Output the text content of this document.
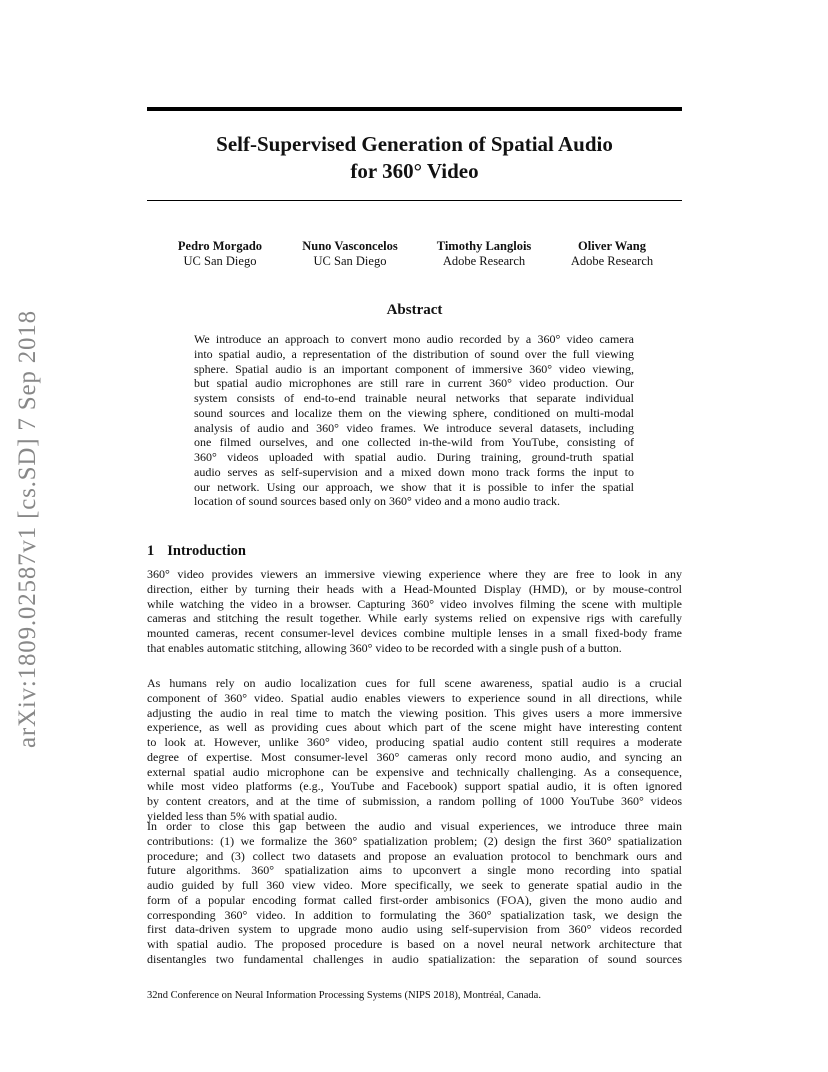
arXiv:1809.02587v1 [cs.SD] 7 Sep 2018
Self-Supervised Generation of Spatial Audio
for 360° Video
Pedro Morgado
UC San Diego
Nuno Vasconcelos
UC San Diego
Timothy Langlois
Adobe Research
Oliver Wang
Adobe Research
Abstract
We introduce an approach to convert mono audio recorded by a 360° video camera
into spatial audio, a representation of the distribution of sound over the full viewing
sphere. Spatial audio is an important component of immersive 360° video viewing,
but spatial audio microphones are still rare in current 360° video production. Our
system consists of end-to-end trainable neural networks that separate individual
sound sources and localize them on the viewing sphere, conditioned on multi-modal
analysis of audio and 360° video frames. We introduce several datasets, including
one filmed ourselves, and one collected in-the-wild from YouTube, consisting of
360° videos uploaded with spatial audio. During training, ground-truth spatial
audio serves as self-supervision and a mixed down mono track forms the input to
our network. Using our approach, we show that it is possible to infer the spatial
location of sound sources based only on 360° video and a mono audio track.
1 Introduction
360° video provides viewers an immersive viewing experience where they are free to look in any
direction, either by turning their heads with a Head-Mounted Display (HMD), or by mouse-control
while watching the video in a browser. Capturing 360° video involves filming the scene with multiple
cameras and stitching the result together. While early systems relied on expensive rigs with carefully
mounted cameras, recent consumer-level devices combine multiple lenses in a small fixed-body frame
that enables automatic stitching, allowing 360° video to be recorded with a single push of a button.
As humans rely on audio localization cues for full scene awareness, spatial audio is a crucial
component of 360° video. Spatial audio enables viewers to experience sound in all directions, while
adjusting the audio in real time to match the viewing position. This gives users a more immersive
experience, as well as providing cues about which part of the scene might have interesting content
to look at. However, unlike 360° video, producing spatial audio content still requires a moderate
degree of expertise. Most consumer-level 360° cameras only record mono audio, and syncing an
external spatial audio microphone can be expensive and technically challenging. As a consequence,
while most video platforms (e.g., YouTube and Facebook) support spatial audio, it is often ignored
by content creators, and at the time of submission, a random polling of 1000 YouTube 360° videos
yielded less than 5% with spatial audio.
In order to close this gap between the audio and visual experiences, we introduce three main
contributions: (1) we formalize the 360° spatialization problem; (2) design the first 360° spatialization
procedure; and (3) collect two datasets and propose an evaluation protocol to benchmark ours and
future algorithms. 360° spatialization aims to upconvert a single mono recording into spatial
audio guided by full 360 view video. More specifically, we seek to generate spatial audio in the
form of a popular encoding format called first-order ambisonics (FOA), given the mono audio and
corresponding 360° video. In addition to formulating the 360° spatialization task, we design the
first data-driven system to upgrade mono audio using self-supervision from 360° videos recorded
with spatial audio. The proposed procedure is based on a novel neural network architecture that
disentangles two fundamental challenges in audio spatialization: the separation of sound sources
32nd Conference on Neural Information Processing Systems (NIPS 2018), Montréal, Canada.
